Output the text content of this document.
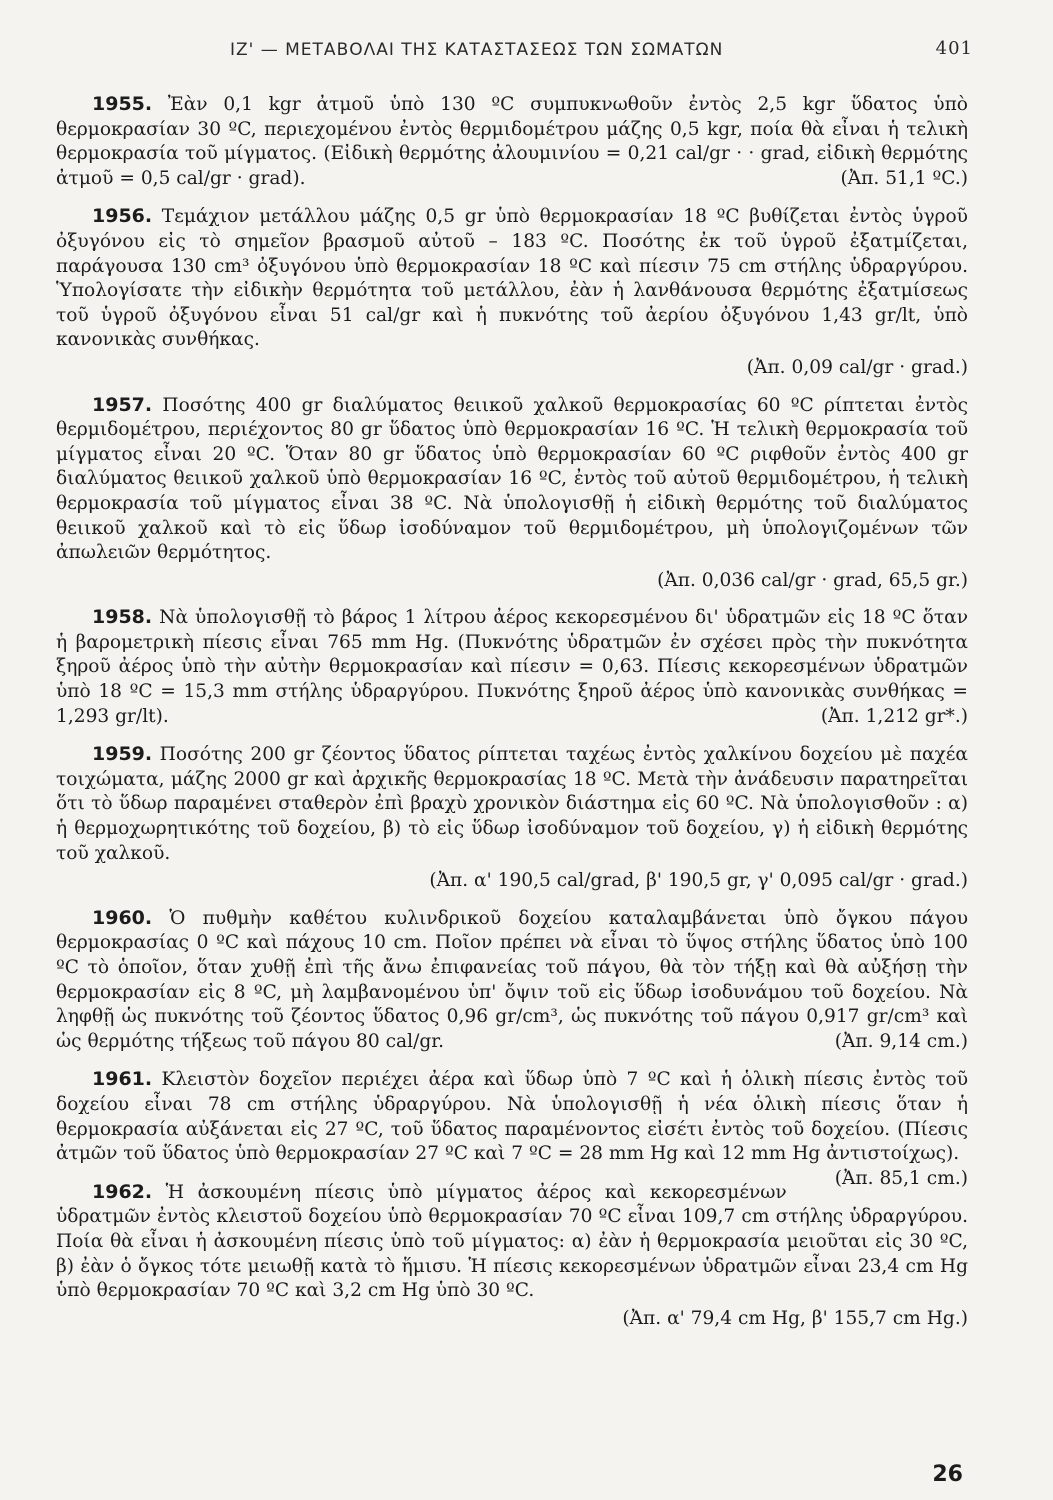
ΙΖ' — ΜΕΤΑΒΟΛΑΙ ΤΗΣ ΚΑΤΑΣΤΑΣΕΩΣ ΤΩΝ ΣΩΜΑΤΩΝ	401

1955. Ἐὰν 0,1 kgr ἀτμοῦ ὑπὸ 130 ºC συμπυκνωθοῦν ἐντὸς 2,5 kgr ὕδατος ὑπὸ θερμοκρασίαν 30 ºC, περιεχομένου ἐντὸς θερμιδομέτρου μάζης 0,5 kgr, ποία θὰ εἶναι ἡ τελικὴ θερμοκρασία τοῦ μίγματος. (Εἰδικὴ θερμότης ἀλουμινίου = 0,21 cal/gr · · grad, εἰδικὴ θερμότης ἀτμοῦ = 0,5 cal/gr · grad).	(Ἀπ. 51,1 ºC.)

1956. Τεμάχιον μετάλλου μάζης 0,5 gr ὑπὸ θερμοκρασίαν 18 ºC βυθίζεται ἐντὸς ὑγροῦ ὀξυγόνου εἰς τὸ σημεῖον βρασμοῦ αὐτοῦ – 183 ºC. Ποσότης ἐκ τοῦ ὑγροῦ ἐξατμίζεται, παράγουσα 130 cm³ ὀξυγόνου ὑπὸ θερμοκρασίαν 18 ºC καὶ πίεσιν 75 cm στήλης ὑδραργύρου. Ὑπολογίσατε τὴν εἰδικὴν θερμότητα τοῦ μετάλλου, ἐὰν ἡ λανθάνουσα θερμότης ἐξατμίσεως τοῦ ὑγροῦ ὀξυγόνου εἶναι 51 cal/gr καὶ ἡ πυκνότης τοῦ ἀερίου ὀξυγόνου 1,43 gr/lt, ὑπὸ κανονικὰς συνθήκας.

(Ἀπ. 0,09 cal/gr · grad.)

1957. Ποσότης 400 gr διαλύματος θειικοῦ χαλκοῦ θερμοκρασίας 60 ºC ρίπτεται ἐντὸς θερμιδομέτρου, περιέχοντος 80 gr ὕδατος ὑπὸ θερμοκρασίαν 16 ºC. Ἡ τελικὴ θερμοκρασία τοῦ μίγματος εἶναι 20 ºC. Ὅταν 80 gr ὕδατος ὑπὸ θερμοκρασίαν 60 ºC ριφθοῦν ἐντὸς 400 gr διαλύματος θειικοῦ χαλκοῦ ὑπὸ θερμοκρασίαν 16 ºC, ἐντὸς τοῦ αὐτοῦ θερμιδομέτρου, ἡ τελικὴ θερμοκρασία τοῦ μίγματος εἶναι 38 ºC. Νὰ ὑπολογισθῇ ἡ εἰδικὴ θερμότης τοῦ διαλύματος θειικοῦ χαλκοῦ καὶ τὸ εἰς ὕδωρ ἰσοδύναμον τοῦ θερμιδομέτρου, μὴ ὑπολογιζομένων τῶν ἀπωλειῶν θερμότητος.

(Ἀπ. 0,036 cal/gr · grad, 65,5 gr.)

1958. Νὰ ὑπολογισθῇ τὸ βάρος 1 λίτρου ἀέρος κεκορεσμένου δι' ὑδρατμῶν εἰς 18 ºC ὅταν ἡ βαρομετρικὴ πίεσις εἶναι 765 mm Hg. (Πυκνότης ὑδρατμῶν ἐν σχέσει πρὸς τὴν πυκνότητα ξηροῦ ἀέρος ὑπὸ τὴν αὐτὴν θερμοκρασίαν καὶ πίεσιν = 0,63. Πίεσις κεκορεσμένων ὑδρατμῶν ὑπὸ 18 ºC = 15,3 mm στήλης ὑδραργύρου. Πυκνότης ξηροῦ ἀέρος ὑπὸ κανονικὰς συνθήκας = 1,293 gr/lt).	(Ἀπ. 1,212 gr*.)

1959. Ποσότης 200 gr ζέοντος ὕδατος ρίπτεται ταχέως ἐντὸς χαλκίνου δοχείου μὲ παχέα τοιχώματα, μάζης 2000 gr καὶ ἀρχικῆς θερμοκρασίας 18 ºC. Μετὰ τὴν ἀνάδευσιν παρατηρεῖται ὅτι τὸ ὕδωρ παραμένει σταθερὸν ἐπὶ βραχὺ χρονικὸν διάστημα εἰς 60 ºC. Νὰ ὑπολογισθοῦν : α) ἡ θερμοχωρητικότης τοῦ δοχείου, β) τὸ εἰς ὕδωρ ἰσοδύναμον τοῦ δοχείου, γ) ἡ εἰδικὴ θερμότης τοῦ χαλκοῦ.

(Ἀπ. α' 190,5 cal/grad, β' 190,5 gr, γ' 0,095 cal/gr · grad.)

1960. Ὁ πυθμὴν καθέτου κυλινδρικοῦ δοχείου καταλαμβάνεται ὑπὸ ὄγκου πάγου θερμοκρασίας 0 ºC καὶ πάχους 10 cm. Ποῖον πρέπει νὰ εἶναι τὸ ὕψος στήλης ὕδατος ὑπὸ 100 ºC τὸ ὁποῖον, ὅταν χυθῇ ἐπὶ τῆς ἄνω ἐπιφανείας τοῦ πάγου, θὰ τὸν τήξῃ καὶ θὰ αὐξήσῃ τὴν θερμοκρασίαν εἰς 8 ºC, μὴ λαμβανομένου ὑπ' ὄψιν τοῦ εἰς ὕδωρ ἰσοδυνάμου τοῦ δοχείου. Νὰ ληφθῇ ὡς πυκνότης τοῦ ζέοντος ὕδατος 0,96 gr/cm³, ὡς πυκνότης τοῦ πάγου 0,917 gr/cm³ καὶ ὡς θερμότης τήξεως τοῦ πάγου 80 cal/gr.	(Ἀπ. 9,14 cm.)

1961. Κλειστὸν δοχεῖον περιέχει ἀέρα καὶ ὕδωρ ὑπὸ 7 ºC καὶ ἡ ὁλικὴ πίεσις ἐντὸς τοῦ δοχείου εἶναι 78 cm στήλης ὑδραργύρου. Νὰ ὑπολογισθῇ ἡ νέα ὁλικὴ πίεσις ὅταν ἡ θερμοκρασία αὐξάνεται εἰς 27 ºC, τοῦ ὕδατος παραμένοντος εἰσέτι ἐντὸς τοῦ δοχείου. (Πίεσις ἀτμῶν τοῦ ὕδατος ὑπὸ θερμοκρασίαν 27 ºC καὶ 7 ºC = 28 mm Hg καὶ 12 mm Hg ἀντιστοίχως).
(Ἀπ. 85,1 cm.)

1962. Ἡ ἀσκουμένη πίεσις ὑπὸ μίγματος ἀέρος καὶ κεκορεσμένων ὑδρατμῶν ἐντὸς κλειστοῦ δοχείου ὑπὸ θερμοκρασίαν 70 ºC εἶναι 109,7 cm στήλης ὑδραργύρου. Ποία θὰ εἶναι ἡ ἀσκουμένη πίεσις ὑπὸ τοῦ μίγματος: α) ἐὰν ἡ θερμοκρασία μειοῦται εἰς 30 ºC, β) ἐὰν ὁ ὄγκος τότε μειωθῇ κατὰ τὸ ἥμισυ. Ἡ πίεσις κεκορεσμένων ὑδρατμῶν εἶναι 23,4 cm Hg ὑπὸ θερμοκρασίαν 70 ºC καὶ 3,2 cm Hg ὑπὸ 30 ºC.

(Ἀπ. α' 79,4 cm Hg, β' 155,7 cm Hg.)
26
